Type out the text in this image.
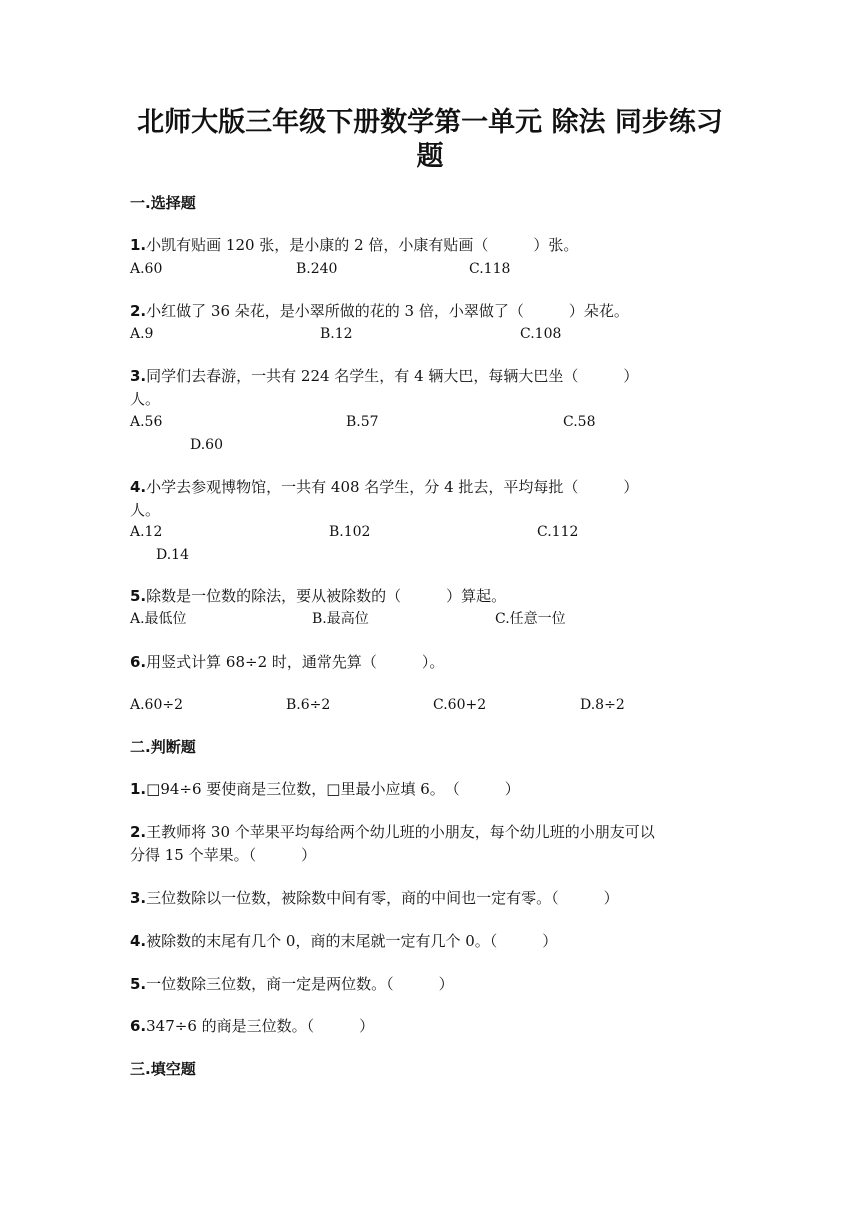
北师大版三年级下册数学第一单元 除法 同步练习
题
一.选择题
1.小凯有贴画 120 张，是小康的 2 倍，小康有贴画（　　　）张。
A.60	B.240	C.118
2.小红做了 36 朵花，是小翠所做的花的 3 倍，小翠做了（　　　）朵花。
A.9	B.12	C.108
3.同学们去春游，一共有 224 名学生，有 4 辆大巴，每辆大巴坐（　　　）
人。
A.56	B.57	C.58
D.60
4.小学去参观博物馆，一共有 408 名学生，分 4 批去，平均每批（　　　）
人。
A.12	B.102	C.112
D.14
5.除数是一位数的除法，要从被除数的（　　　）算起。
A.最低位	B.最高位	C.任意一位
6.用竖式计算 68÷2 时，通常先算（　　　）。
A.60÷2	B.6÷2	C.60+2	D.8÷2
二.判断题
1.□94÷6 要使商是三位数，□里最小应填 6。　（　　　）
2.王教师将 30 个苹果平均每给两个幼儿班的小朋友，每个幼儿班的小朋友可以
分得 15 个苹果。（　　　）
3.三位数除以一位数，被除数中间有零，商的中间也一定有零。（　　　）
4.被除数的末尾有几个 0，商的末尾就一定有几个 0。（　　　）
5.一位数除三位数，商一定是两位数。（　　　）
6.347÷6 的商是三位数。（　　　）
三.填空题
